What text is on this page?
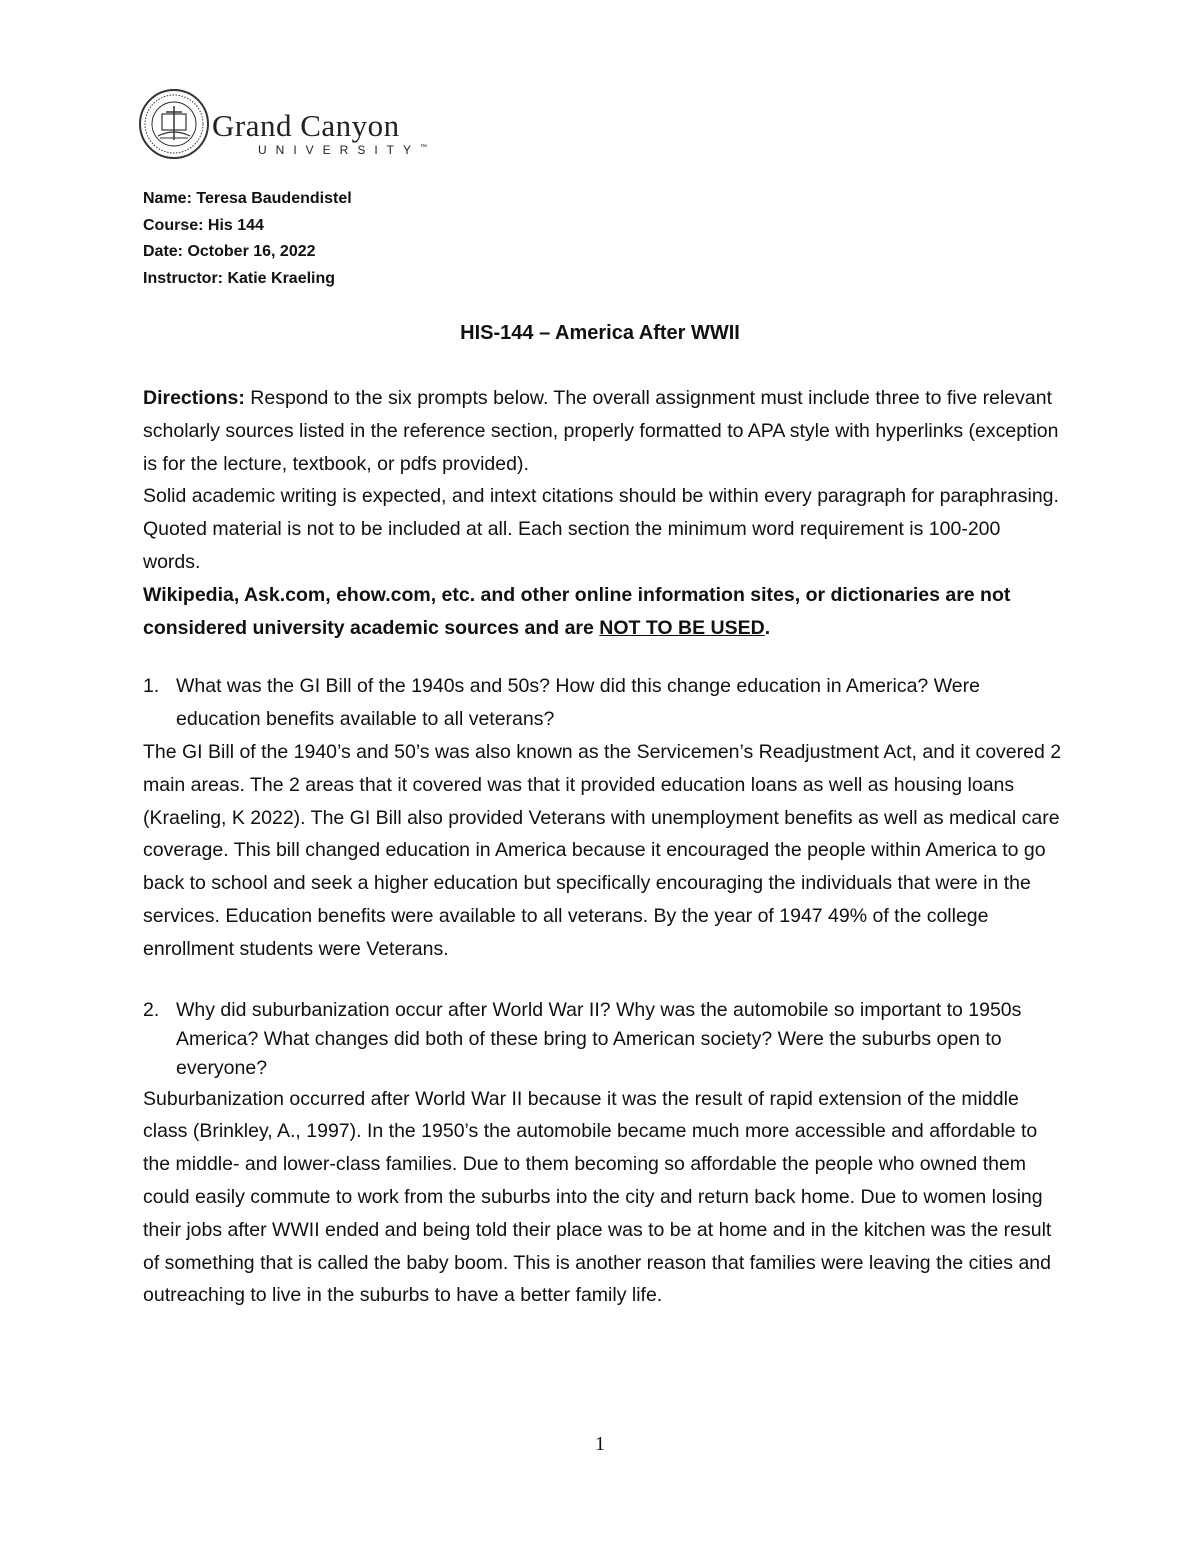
Grand Canyon
UNIVERSITY™
Name: Teresa Baudendistel
Course: His 144
Date: October 16, 2022
Instructor: Katie Kraeling
HIS-144 – America After WWII

Directions: Respond to the six prompts below. The overall assignment must include three to five relevant scholarly sources listed in the reference section, properly formatted to APA style with hyperlinks (exception is for the lecture, textbook, or pdfs provided).

Solid academic writing is expected, and intext citations should be within every paragraph for paraphrasing. Quoted material is not to be included at all. Each section the minimum word requirement is 100-200 words.

Wikipedia, Ask.com, ehow.com, etc. and other online information sites, or dictionaries are not considered university academic sources and are NOT TO BE USED.

1. What was the GI Bill of the 1940s and 50s? How did this change education in America? Were education benefits available to all veterans?

The GI Bill of the 1940’s and 50’s was also known as the Servicemen’s Readjustment Act, and it covered 2 main areas. The 2 areas that it covered was that it provided education loans as well as housing loans (Kraeling, K 2022). The GI Bill also provided Veterans with unemployment benefits as well as medical care coverage. This bill changed education in America because it encouraged the people within America to go back to school and seek a higher education but specifically encouraging the individuals that were in the services. Education benefits were available to all veterans. By the year of 1947 49% of the college enrollment students were Veterans.

2. Why did suburbanization occur after World War II? Why was the automobile so important to 1950s America? What changes did both of these bring to American society? Were the suburbs open to everyone?

Suburbanization occurred after World War II because it was the result of rapid extension of the middle class (Brinkley, A., 1997). In the 1950’s the automobile became much more accessible and affordable to the middle- and lower-class families. Due to them becoming so affordable the people who owned them could easily commute to work from the suburbs into the city and return back home. Due to women losing their jobs after WWII ended and being told their place was to be at home and in the kitchen was the result of something that is called the baby boom. This is another reason that families were leaving the cities and outreaching to live in the suburbs to have a better family life.

1
